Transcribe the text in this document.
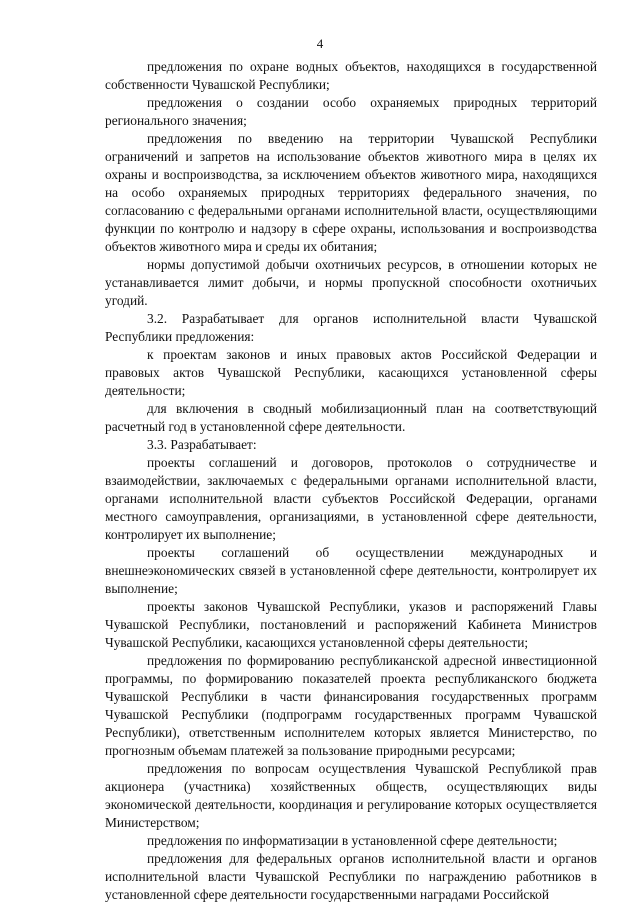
4

предложения по охране водных объектов, находящихся в государственной собственности Чувашской Республики;

предложения о создании особо охраняемых природных территорий регионального значения;

предложения по введению на территории Чувашской Республики ограничений и запретов на использование объектов животного мира в целях их охраны и воспроизводства, за исключением объектов животного мира, находящихся на особо охраняемых природных территориях федерального значения, по согласованию с федеральными органами исполнительной власти, осуществляющими функции по контролю и надзору в сфере охраны, использования и воспроизводства объектов животного мира и среды их обитания;

нормы допустимой добычи охотничьих ресурсов, в отношении которых не устанавливается лимит добычи, и нормы пропускной способности охотничьих угодий.

3.2. Разрабатывает для органов исполнительной власти Чувашской Республики предложения:

к проектам законов и иных правовых актов Российской Федерации и правовых актов Чувашской Республики, касающихся установленной сферы деятельности;

для включения в сводный мобилизационный план на соответствующий расчетный год в установленной сфере деятельности.

3.3. Разрабатывает:

проекты соглашений и договоров, протоколов о сотрудничестве и взаимодействии, заключаемых с федеральными органами исполнительной власти, органами исполнительной власти субъектов Российской Федерации, органами местного самоуправления, организациями, в установленной сфере деятельности, контролирует их выполнение;

проекты соглашений об осуществлении международных и внешнеэкономических связей в установленной сфере деятельности, контролирует их выполнение;

проекты законов Чувашской Республики, указов и распоряжений Главы Чувашской Республики, постановлений и распоряжений Кабинета Министров Чувашской Республики, касающихся установленной сферы деятельности;

предложения по формированию республиканской адресной инвестиционной программы, по формированию показателей проекта республиканского бюджета Чувашской Республики в части финансирования государственных программ Чувашской Республики (подпрограмм государственных программ Чувашской Республики), ответственным исполнителем которых является Министерство, по прогнозным объемам платежей за пользование природными ресурсами;

предложения по вопросам осуществления Чувашской Республикой прав акционера (участника) хозяйственных обществ, осуществляющих виды экономической деятельности, координация и регулирование которых осуществляется Министерством;

предложения по информатизации в установленной сфере деятельности;

предложения для федеральных органов исполнительной власти и органов исполнительной власти Чувашской Республики по награждению работников в установленной сфере деятельности государственными наградами Российской
